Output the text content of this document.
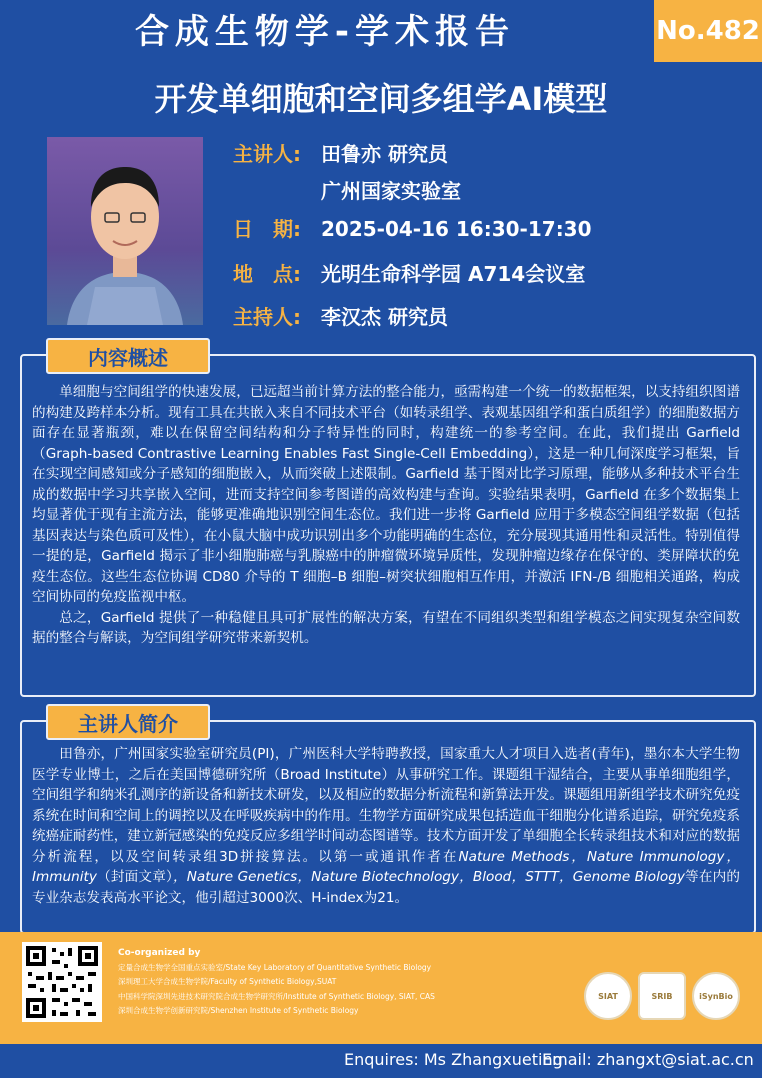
合成生物学-学术报告	No.482
开发单细胞和空间多组学AI模型
主讲人: 田鲁亦 研究员
广州国家实验室
日　期: 2025-04-16 16:30-17:30
地　点: 光明生命科学园 A714会议室
主持人: 李汉杰 研究员
内容概述

单细胞与空间组学的快速发展，已远超当前计算方法的整合能力，亟需构建一个统一的数据框架，以支持组织图谱的构建及跨样本分析。现有工具在共嵌入来自不同技术平台（如转录组学、表观基因组学和蛋白质组学）的细胞数据方面存在显著瓶颈，难以在保留空间结构和分子特异性的同时，构建统一的参考空间。在此，我们提出 Garfield（Graph-based Contrastive Learning Enables Fast Single-Cell Embedding），这是一种几何深度学习框架，旨在实现空间感知或分子感知的细胞嵌入，从而突破上述限制。Garfield 基于图对比学习原理，能够从多种技术平台生成的数据中学习共享嵌入空间，进而支持空间参考图谱的高效构建与查询。实验结果表明，Garfield 在多个数据集上均显著优于现有主流方法，能够更准确地识别空间生态位。我们进一步将 Garfield 应用于多模态空间组学数据（包括基因表达与染色质可及性），在小鼠大脑中成功识别出多个功能明确的生态位，充分展现其通用性和灵活性。特别值得一提的是，Garfield 揭示了非小细胞肺癌与乳腺癌中的肿瘤微环境异质性，发现肿瘤边缘存在保守的、类屏障状的免疫生态位。这些生态位协调 CD80 介导的 T 细胞–B 细胞–树突状细胞相互作用，并激活 IFN-/B 细胞相关通路，构成空间协同的免疫监视中枢。

总之，Garfield 提供了一种稳健且具可扩展性的解决方案，有望在不同组织类型和组学模态之间实现复杂空间数据的整合与解读，为空间组学研究带来新契机。

主讲人简介

田鲁亦，广州国家实验室研究员(PI)，广州医科大学特聘教授，国家重大人才项目入选者(青年)，墨尔本大学生物医学专业博士，之后在美国博德研究所（Broad Institute）从事研究工作。课题组干湿结合，主要从事单细胞组学，空间组学和纳米孔测序的新设备和新技术研发，以及相应的数据分析流程和新算法开发。课题组用新组学技术研究免疫系统在时间和空间上的调控以及在呼吸疾病中的作用。生物学方面研究成果包括造血干细胞分化谱系追踪，研究免疫系统癌症耐药性，建立新冠感染的免疫反应多组学时间动态图谱等。技术方面开发了单细胞全长转录组技术和对应的数据分析流程，以及空间转录组3D拼接算法。以第一或通讯作者在Nature Methods，Nature Immunology，Immunity（封面文章），Nature Genetics，Nature Biotechnology，Blood，STTT，Genome Biology等在内的专业杂志发表高水平论文，他引超过3000次、H-index为21。

Co-organized by
定量合成生物学全国重点实验室/State Key Laboratory of Quantitative Synthetic Biology
深圳理工大学合成生物学院/Faculty of Synthetic Biology,SUAT
中国科学院深圳先进技术研究院合成生物学研究所/Institute of Synthetic Biology, SIAT, CAS
深圳合成生物学创新研究院/Shenzhen Institute of Synthetic Biology
SIAT	SRIB	iSynBio
Enquires: Ms Zhangxueting
Email: zhangxt@siat.ac.cn
